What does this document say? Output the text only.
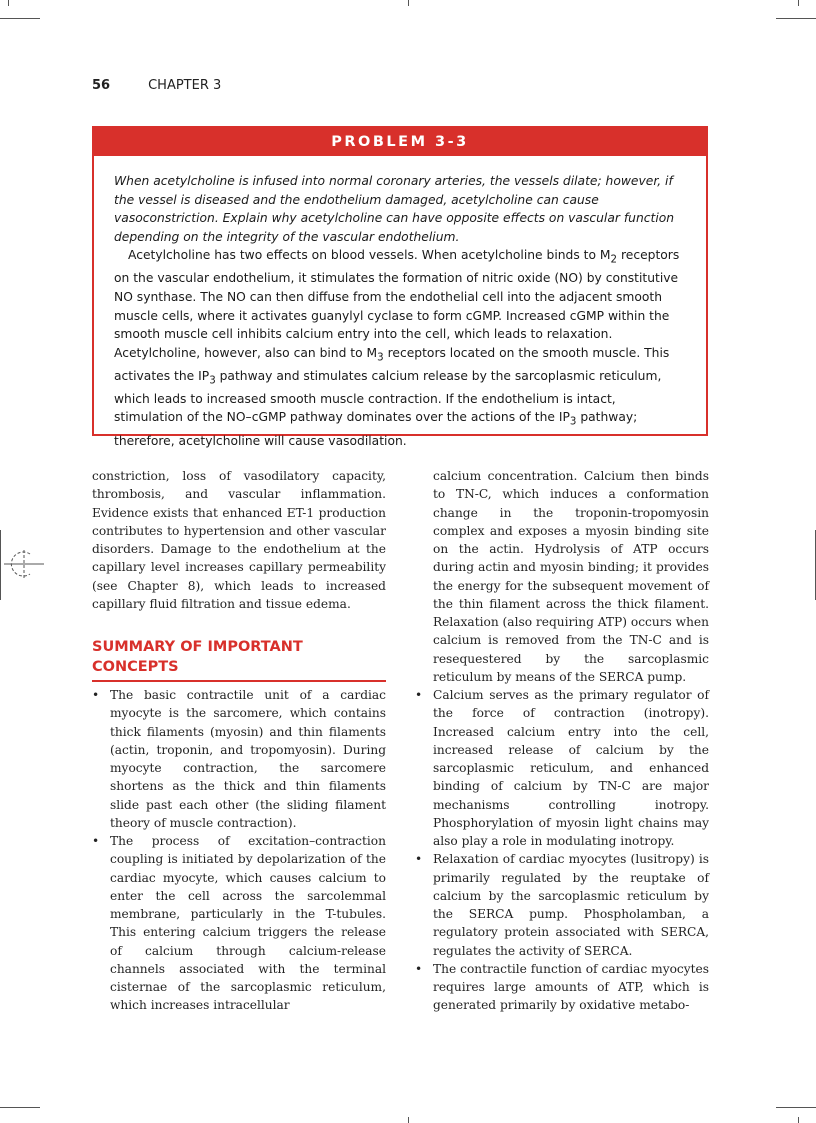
56	CHAPTER 3
PROBLEM 3-3

When acetylcholine is infused into normal coronary arteries, the vessels dilate; however, if the vessel is diseased and the endothelium damaged, acetylcholine can cause vasoconstriction. Explain why acetylcholine can have opposite effects on vascular function depending on the integrity of the vascular endothelium.

Acetylcholine has two effects on blood vessels. When acetylcholine binds to $M_2$ receptors on the vascular endothelium, it stimulates the formation of nitric oxide (NO) by constitutive NO synthase. The NO can then diffuse from the endothelial cell into the adjacent smooth muscle cells, where it activates guanylyl cyclase to form cGMP. Increased cGMP within the smooth muscle cell inhibits calcium entry into the cell, which leads to relaxation. Acetylcholine, however, also can bind to $M_3$ receptors located on the smooth muscle. This activates the $IP_3$ pathway and stimulates calcium release by the sarcoplasmic reticulum, which leads to increased smooth muscle contraction. If the endothelium is intact, stimulation of the NO–cGMP pathway dominates over the actions of the $IP_3$ pathway; therefore, acetylcholine will cause vasodilation.

constriction, loss of vasodilatory capacity, thrombosis, and vascular inflammation. Evidence exists that enhanced ET-1 production contributes to hypertension and other vascular disorders. Damage to the endothelium at the capillary level increases capillary permeability (see Chapter 8), which leads to increased capillary fluid filtration and tissue edema.

SUMMARY OF IMPORTANT CONCEPTS
• The basic contractile unit of a cardiac myocyte is the sarcomere, which contains thick filaments (myosin) and thin filaments (actin, troponin, and tropomyosin). During myocyte contraction, the sarcomere shortens as the thick and thin filaments slide past each other (the sliding filament theory of muscle contraction).
• The process of excitation–contraction coupling is initiated by depolarization of the cardiac myocyte, which causes calcium to enter the cell across the sarcolemmal membrane, particularly in the T-tubules. This entering calcium triggers the release of calcium through calcium-release channels associated with the terminal cisternae of the sarcoplasmic reticulum, which increases intracellular

calcium concentration. Calcium then binds to TN-C, which induces a conformation change in the troponin-tropomyosin complex and exposes a myosin binding site on the actin. Hydrolysis of ATP occurs during actin and myosin binding; it provides the energy for the subsequent movement of the thin filament across the thick filament. Relaxation (also requiring ATP) occurs when calcium is removed from the TN-C and is resequestered by the sarcoplasmic reticulum by means of the SERCA pump.

• Calcium serves as the primary regulator of the force of contraction (inotropy). Increased calcium entry into the cell, increased release of calcium by the sarcoplasmic reticulum, and enhanced binding of calcium by TN-C are major mechanisms controlling inotropy. Phosphorylation of myosin light chains may also play a role in modulating inotropy.
• Relaxation of cardiac myocytes (lusitropy) is primarily regulated by the reuptake of calcium by the sarcoplasmic reticulum by the SERCA pump. Phospholamban, a regulatory protein associated with SERCA, regulates the activity of SERCA.
• The contractile function of cardiac myocytes requires large amounts of ATP, which is generated primarily by oxidative metabo-
